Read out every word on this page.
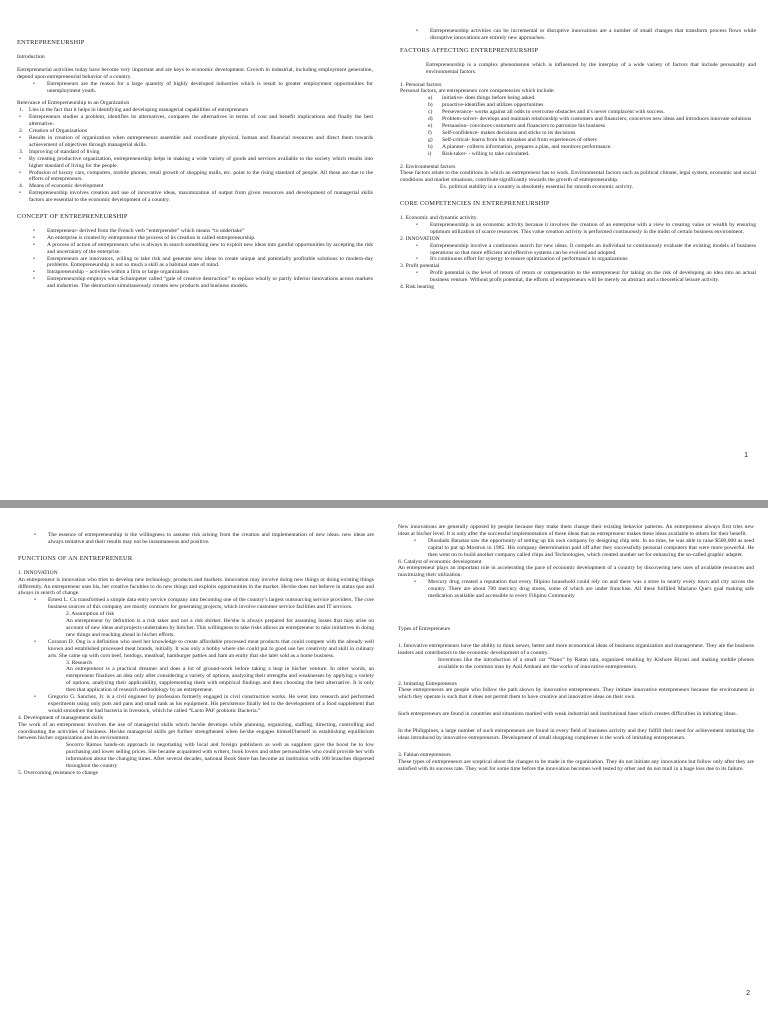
ENTREPRENEURSHIP

Introduction

Entrepreneurial activities today have become very important and are keys to economic development. Growth in industrial, including employment generation, depend upon entrepreneurial behavior of a country.

• Entrepreneurs are the reason for a large quantity of highly developed industries which is result to greater employment opportunities for unemployment youth.

Relevance of Entrepreneurship to an Organization

1. Lies in the fact that it helps in identifying and developing managerial capabilities of entrepreneurs
• Entrepreneurs studies a problem, identifies its alternatives, compares the alternatives in terms of cost and benefit implications and finally the best alternative.
2. Creation of Organizations
• Results in creation of organization when entrepreneurs assemble and coordinate physical, human and financial resources and direct them towards achievement of objectives through managerial skills.
3. Improving of standard of living
• By creating productive organization, entrepreneurship helps in making a wide variety of goods and services available to the society which results into higher standard of living for the people.
• Profusion of luxury cars, computers, mobile phones, retail growth of shopping malls, etc. point to the rising standard of people. All these are due to the efforts of entrepreneurs.
4. Means of economic development
• Entrepreneurship involves creation and use of innovative ideas, maximization of output from given resources and development of managerial skills factors are essential to the economic development of a country.

CONCEPT OF ENTREPRENEURSHIP

• Entrepreneur- derived from the French verb “enterprendre” which means “to undertake”
• An enterprise is created by entrepreneur the process of its creation is called entrepreneurship.
• A process of action of entrepreneurs who is always in search something new to exploit new ideas into gainful opportunities by accepting the risk and uncertainty of the enterprise.
• Entrepreneurs are innovators, willing to take risk and generate new ideas to create unique and potentially profitable solutions to modern-day problems. Entrepreneurship is not so much a skill as a habitual state of mind.
• Intrapreneurship – activities within a firm or large organization.
• Entrepreneurship employs what Schumpeter called “gale of creative destruction” to replace wholly or partly inferior innovations across markets and industries. The destruction simultaneously creates new products and business models.
• Entrepreneurship activities can be incremental or disruptive innovations are a number of small changes that transform process flows while disruptive innovations are entirely new approaches.

FACTORS AFFECTING ENTREPRENEURSHIP

Entrepreneurship is a complex phenomenon which is influenced by the interplay of a wide variety of factors that include personality and environmental factors.

1. Personal factors

Personal factors, are entrepreneurs core competencies which include:

a) initiative- does things before being asked.
b) proactive-identifies and utilizes opportunities
c) Perseverance- works against all odds to overcome obstacles and it's never complacent with success.
d) Problem-solver- develops and maintain relationship with customers and financiers; conceives new ideas and introduces innovate solutions
e) Persuasion- convinces customers and financiers to patronize his business
f) Self-confidence- makes decisions and sticks to its decisions
g) Self-critical- learns from his mistakes and from experiences of others
h) A planner- collects information, prepares a plan, and monitors performance.
i) Risk-taker- - willing to take calculated.

2. Environmental factors

These factors relate to the conditions in which an entrepreneur has to work. Environmental factors such as political climate, legal system, economic and social conditions and market situations, contribute significantly towards the growth of entrepreneurship.

Ex. political stability in a country is absolutely essential for smooth economic activity.

CORE COMPETENCIES IN ENTREPRENEURSHIP

1. Economic and dynamic activity.

• Entrepreneurship is an economic activity because it involves the creation of an enterprise with a view to creating value or wealth by ensuring optimum utilization of scarce resources. This value creation activity is performed continuously in the midst of certain business environment.

2. INNOVATION

• Entrepreneurship involve a continuous search for new ideas. It compels an individual to continuously evaluate the existing models of business operations so that more efficient and effective systems can be evolved and adopted.
• It's continuous effort for synergy to ensure optimization of performance in organizations

3. Profit potential

• Profit potential is the level of return of return or compensation to the entrepreneur for taking on the risk of developing an idea into an actual business venture. Without profit potential, the efforts of entrepreneurs will be merely an abstract and a theoretical leisure activity.

4. Risk bearing

1
• The essence of entrepreneurship is the willingness to assume risk arising from the creation and implementation of new ideas. new ideas are always tentative and their results may not be instantaneous and positive.

FUNCTIONS OF AN ENTREPRENEUR

1. INNOVATION

An entrepreneur is innovation who tries to develop new technology, products and markets. innovation may involve doing new things or doing existing things differently. An entrepreneur uses his, her creative faculties to do new things and exploits opportunities in the market. He/she does not believe in status quo and always in search of change.

• Ernest L. Cu transformed a simple data entry service company into becoming one of the country's largest outsourcing service providers. The core business sources of this company are mostly contracts for generating projects, which involve customer service facilities and IT services.

2. Assumption of risk

An entrepreneur by definition is a risk taker and not a risk shirker. He/she is always prepared for assuming losses that may arise on account of new ideas and projects undertaken by him/her. This willingness to take risks allows an entrepreneur to take initiatives in doing new things and reaching ahead in his/her efforts.

• Corazon D. Ong is a definition who used her knowledge to create affordable processed meat products that could compete with the already well known and established processed meat brands, initially. It was only a hobby where she could put to good use her creativity and skill in culinary arts. She came up with corn beef, hotdogs, meatloaf, hamburger patties and ham an entity that she later sold as a home business.

3. Research

An entrepreneur is a practical dreamer and does a lot of ground-work before taking a leap in his/her venture. In other words, an entrepreneur finalizes an idea only after considering a variety of options, analyzing their strengths and weaknesses by applying a variety of options, analyzing their applicability, supplementing them with empirical findings and then choosing the best alternative. It is only then that application of research methodology by an entrepreneur.

• Gregorio G. Sanchez, Jr. is a civil engineer by profession formerly engaged in civil construction works. He went into research and performed experiments using only pots and pans and small tank as his equipment. His persistence finally led to the development of a food supplement that would smoothen the bad bacteria in livestock, which he called “Lacto PAF probiotic Bacteria.”

4. Development of management skills

The work of an entrepreneur involves the use of managerial skills which he/she develops while planning, organizing, staffing, directing, controlling and coordinating the activities of business. He/she managerial skills get further strengthened when he/she engages himself/herself in establishing equilibrium between his/her organization and its environment.

Socorro Ramos hands-on approach in negotiating with local and foreign publishers as well as suppliers gave the boost he to low purchasing and lower selling prices. She became acquainted with writers, book lovers and other personalities who could provide her with information about the changing times. After several decades, national Book Store has become an institution with 108 branches dispersed throughout the country

5. Overcoming resistance to change

New innovations are generally opposed by people because they make them change their existing behavior patterns. An entrepreneur always first tries new ideas at his/her level. It is only after the successful implementation of these ideas that an entrepreneur makes these ideas available to others for their benefit.

• Diosdado Banatao saw the opportunity of setting up his own company by designing chip sets. In no time, he was able to raise $500,000 as seed capital to put up Mostron in 1985. His company determination paid off after they successfully personal computers that were more powerful. He then went on to build another company called chips and Technologies, which created another set for enhancing the so-called graphic adapter.

6. Catalyst of economic development

An entrepreneur plays an important role in accelerating the pace of economic development of a country by discovering new uses of available resources and maximizing their utilization.

• Mercury drug created a reputation that every filipino household could rely on and there was a store in nearly every town and city across the country. There are about 700 mercury drug stores, some of which are under franchise. All these fulfilled Mariano Que's goal making safe medication available and accessible to every Filipino Community

Types of Entrepreneurs

1. Innovative entrepreneurs have the ability to think newer, better and more economical ideas of business organization and management. They are the business leaders and contributors to the economic development of a country.

Inventions like the introduction of a small car “Nano” by Ratan tata, organized retailing by Kishore Biyani and making mobile phones available to the common man by Anil Ambani are the works of innovative entrepreneurs.

2. Imitating Entrepreneurs

These entrepreneurs are people who follow the path shown by innovative entrepreneurs. They imitate innovative entrepreneurs because the environment in which they operate is such that it does not permit them to have creative and innovative ideas on their own.

Such entrepreneurs are found in countries and situations marked with weak industrial and institutional base which creates difficulties in initiating ideas.

In the Philippines, a large number of such entrepreneurs are found in every field of business activity and they fulfill their need for achievement imitating the ideas introduced by innovative entrepreneurs. Development of small shopping complexes is the work of imitating entrepreneurs.

3. Fabian entrepreneurs

These types of entrepreneurs are sceptical about the changes to be made in the organization. They do not initiate any innovations but follow only after they are satisfied with its success rate. They wait for some time before the innovation becomes well tested by other and do not mull in a huge loss due to its failure.

2
